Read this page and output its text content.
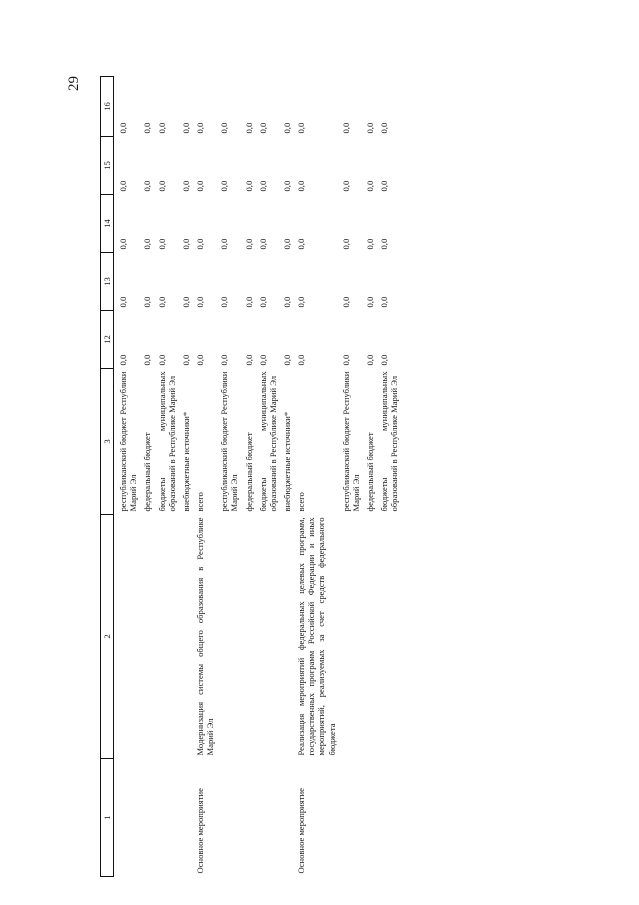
29
1	2	3	12	13	14	15	16
		республиканский бюджет Республики Марий Эл	0,0	0,0	0,0	0,0	0,0
		федеральный бюджет	0,0	0,0	0,0	0,0	0,0
		бюджеты муниципальных образований в Республике Марий Эл	0,0	0,0	0,0	0,0	0,0
		внебюджетные источники*	0,0	0,0	0,0	0,0	0,0
Основное мероприятие	Модернизация системы общего образования в Республике Марий Эл	всего	0,0	0,0	0,0	0,0	0,0
		республиканский бюджет Республики Марий Эл	0,0	0,0	0,0	0,0	0,0
		федеральный бюджет	0,0	0,0	0,0	0,0	0,0
		бюджеты муниципальных образований в Республике Марий Эл	0,0	0,0	0,0	0,0	0,0
		внебюджетные источники*	0,0	0,0	0,0	0,0	0,0
Основное мероприятие	Реализация мероприятий федеральных целевых программ, государственных программ Российской Федерации и иных мероприятий, реализуемых за счет средств федерального бюджета	всего	0,0	0,0	0,0	0,0	0,0
		республиканский бюджет Республики Марий Эл	0,0	0,0	0,0	0,0	0,0
		федеральный бюджет	0,0	0,0	0,0	0,0	0,0
		бюджеты муниципальных образований в Республике Марий Эл	0,0	0,0	0,0	0,0	0,0
